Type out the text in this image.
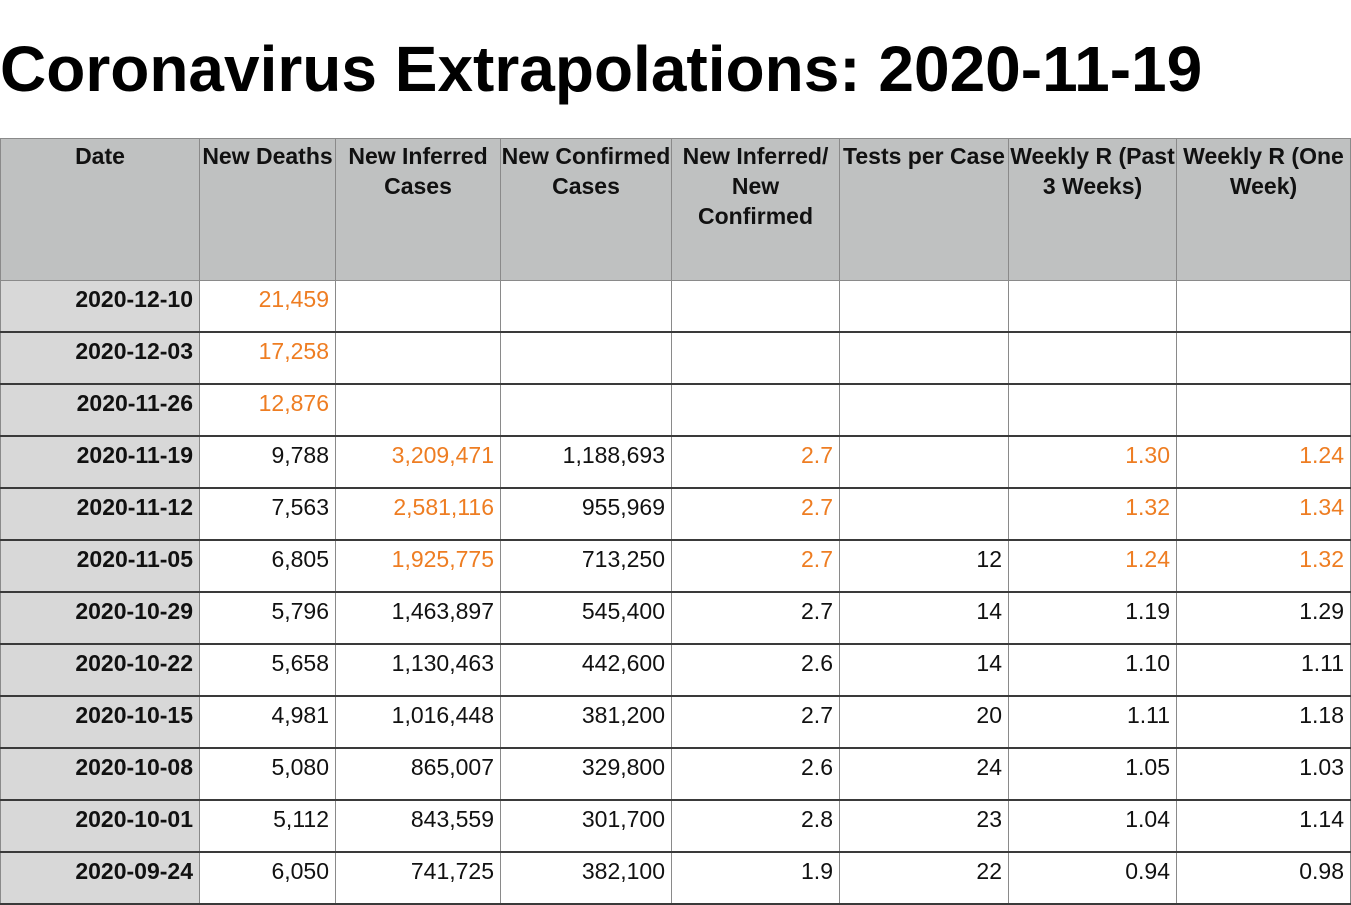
Coronavirus Extrapolations: 2020-11-19
Date	New Deaths	New Inferred Cases	New Confirmed Cases	New Inferred/ New Confirmed	Tests per Case	Weekly R (Past 3 Weeks)	Weekly R (One Week)
2020-12-10	21,459						
2020-12-03	17,258						
2020-11-26	12,876						
2020-11-19	9,788	3,209,471	1,188,693	2.7		1.30	1.24
2020-11-12	7,563	2,581,116	955,969	2.7		1.32	1.34
2020-11-05	6,805	1,925,775	713,250	2.7	12	1.24	1.32
2020-10-29	5,796	1,463,897	545,400	2.7	14	1.19	1.29
2020-10-22	5,658	1,130,463	442,600	2.6	14	1.10	1.11
2020-10-15	4,981	1,016,448	381,200	2.7	20	1.11	1.18
2020-10-08	5,080	865,007	329,800	2.6	24	1.05	1.03
2020-10-01	5,112	843,559	301,700	2.8	23	1.04	1.14
2020-09-24	6,050	741,725	382,100	1.9	22	0.94	0.98
